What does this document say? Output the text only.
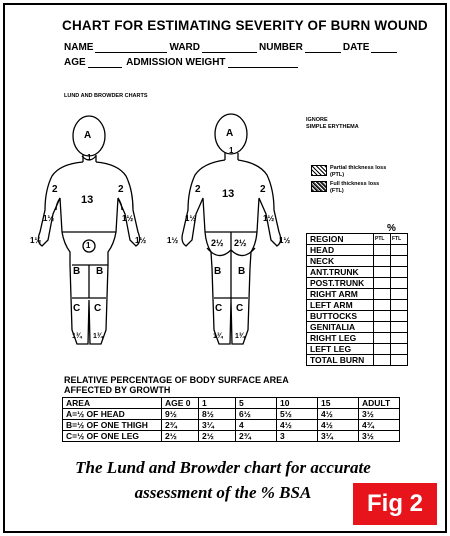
CHART FOR ESTIMATING SEVERITY OF BURN WOUND
NAME	WARD	NUMBER	DATE
AGE	ADMISSION WEIGHT
LUND AND BROWDER CHARTS
A
1
13
2	2
1½	1½
1½	1½
1
B B
C C
1¾ 1¾
A
1
13
2	2
1½	1½
1½	1½
2½ 2½
B B
C C
1¾ 1¾
IGNORE
SIMPLE ERYTHEMA
Partial thickness loss
(PTL)
Full thickness loss
(FTL)
%
REGION	PTL	FTL
HEAD		
NECK		
ANT.TRUNK		
POST.TRUNK		
RIGHT ARM		
LEFT ARM		
BUTTOCKS		
GENITALIA		
RIGHT LEG		
LEFT LEG		
TOTAL BURN		
RELATIVE PERCENTAGE OF BODY SURFACE AREA
AFFECTED BY GROWTH
AREA	AGE 0	1	5	10	15	ADULT
A=½ OF HEAD	9½	8½	6½	5½	4½	3½
B=½ OF ONE THIGH	2¾	3¼	4	4½	4½	4¾
C=½ OF ONE LEG	2½	2½	2¾	3	3¼	3½
The Lund and Browder chart for accurate
assessment of the % BSA	Fig 2
